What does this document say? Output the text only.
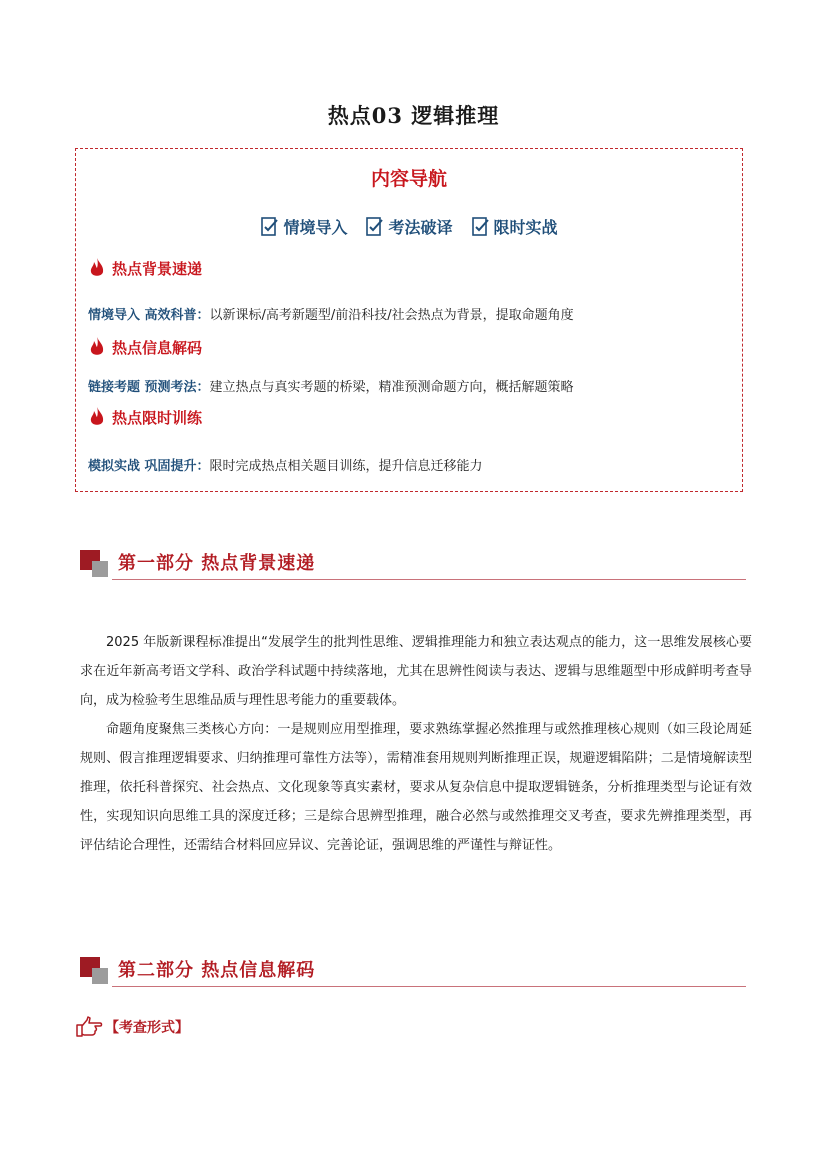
热点03 逻辑推理
内容导航
情境导入	考法破译	限时实战
热点背景速递
情境导入 高效科普：以新课标/高考新题型/前沿科技/社会热点为背景，提取命题角度
热点信息解码
链接考题 预测考法：建立热点与真实考题的桥梁，精准预测命题方向，概括解题策略
热点限时训练
模拟实战 巩固提升：限时完成热点相关题目训练，提升信息迁移能力
第一部分 热点背景速递

2025 年版新课程标准提出“发展学生的批判性思维、逻辑推理能力和独立表达观点的能力，这一思维发展核心要求在近年新高考语文学科、政治学科试题中持续落地，尤其在思辨性阅读与表达、逻辑与思维题型中形成鲜明考查导向，成为检验考生思维品质与理性思考能力的重要载体。

命题角度聚焦三类核心方向：一是规则应用型推理，要求熟练掌握必然推理与或然推理核心规则（如三段论周延规则、假言推理逻辑要求、归纳推理可靠性方法等），需精准套用规则判断推理正误，规避逻辑陷阱；二是情境解读型推理，依托科普探究、社会热点、文化现象等真实素材，要求从复杂信息中提取逻辑链条，分析推理类型与论证有效性，实现知识向思维工具的深度迁移；三是综合思辨型推理，融合必然与或然推理交叉考查，要求先辨推理类型，再评估结论合理性，还需结合材料回应异议、完善论证，强调思维的严谨性与辩证性。

第二部分 热点信息解码
【考查形式】
